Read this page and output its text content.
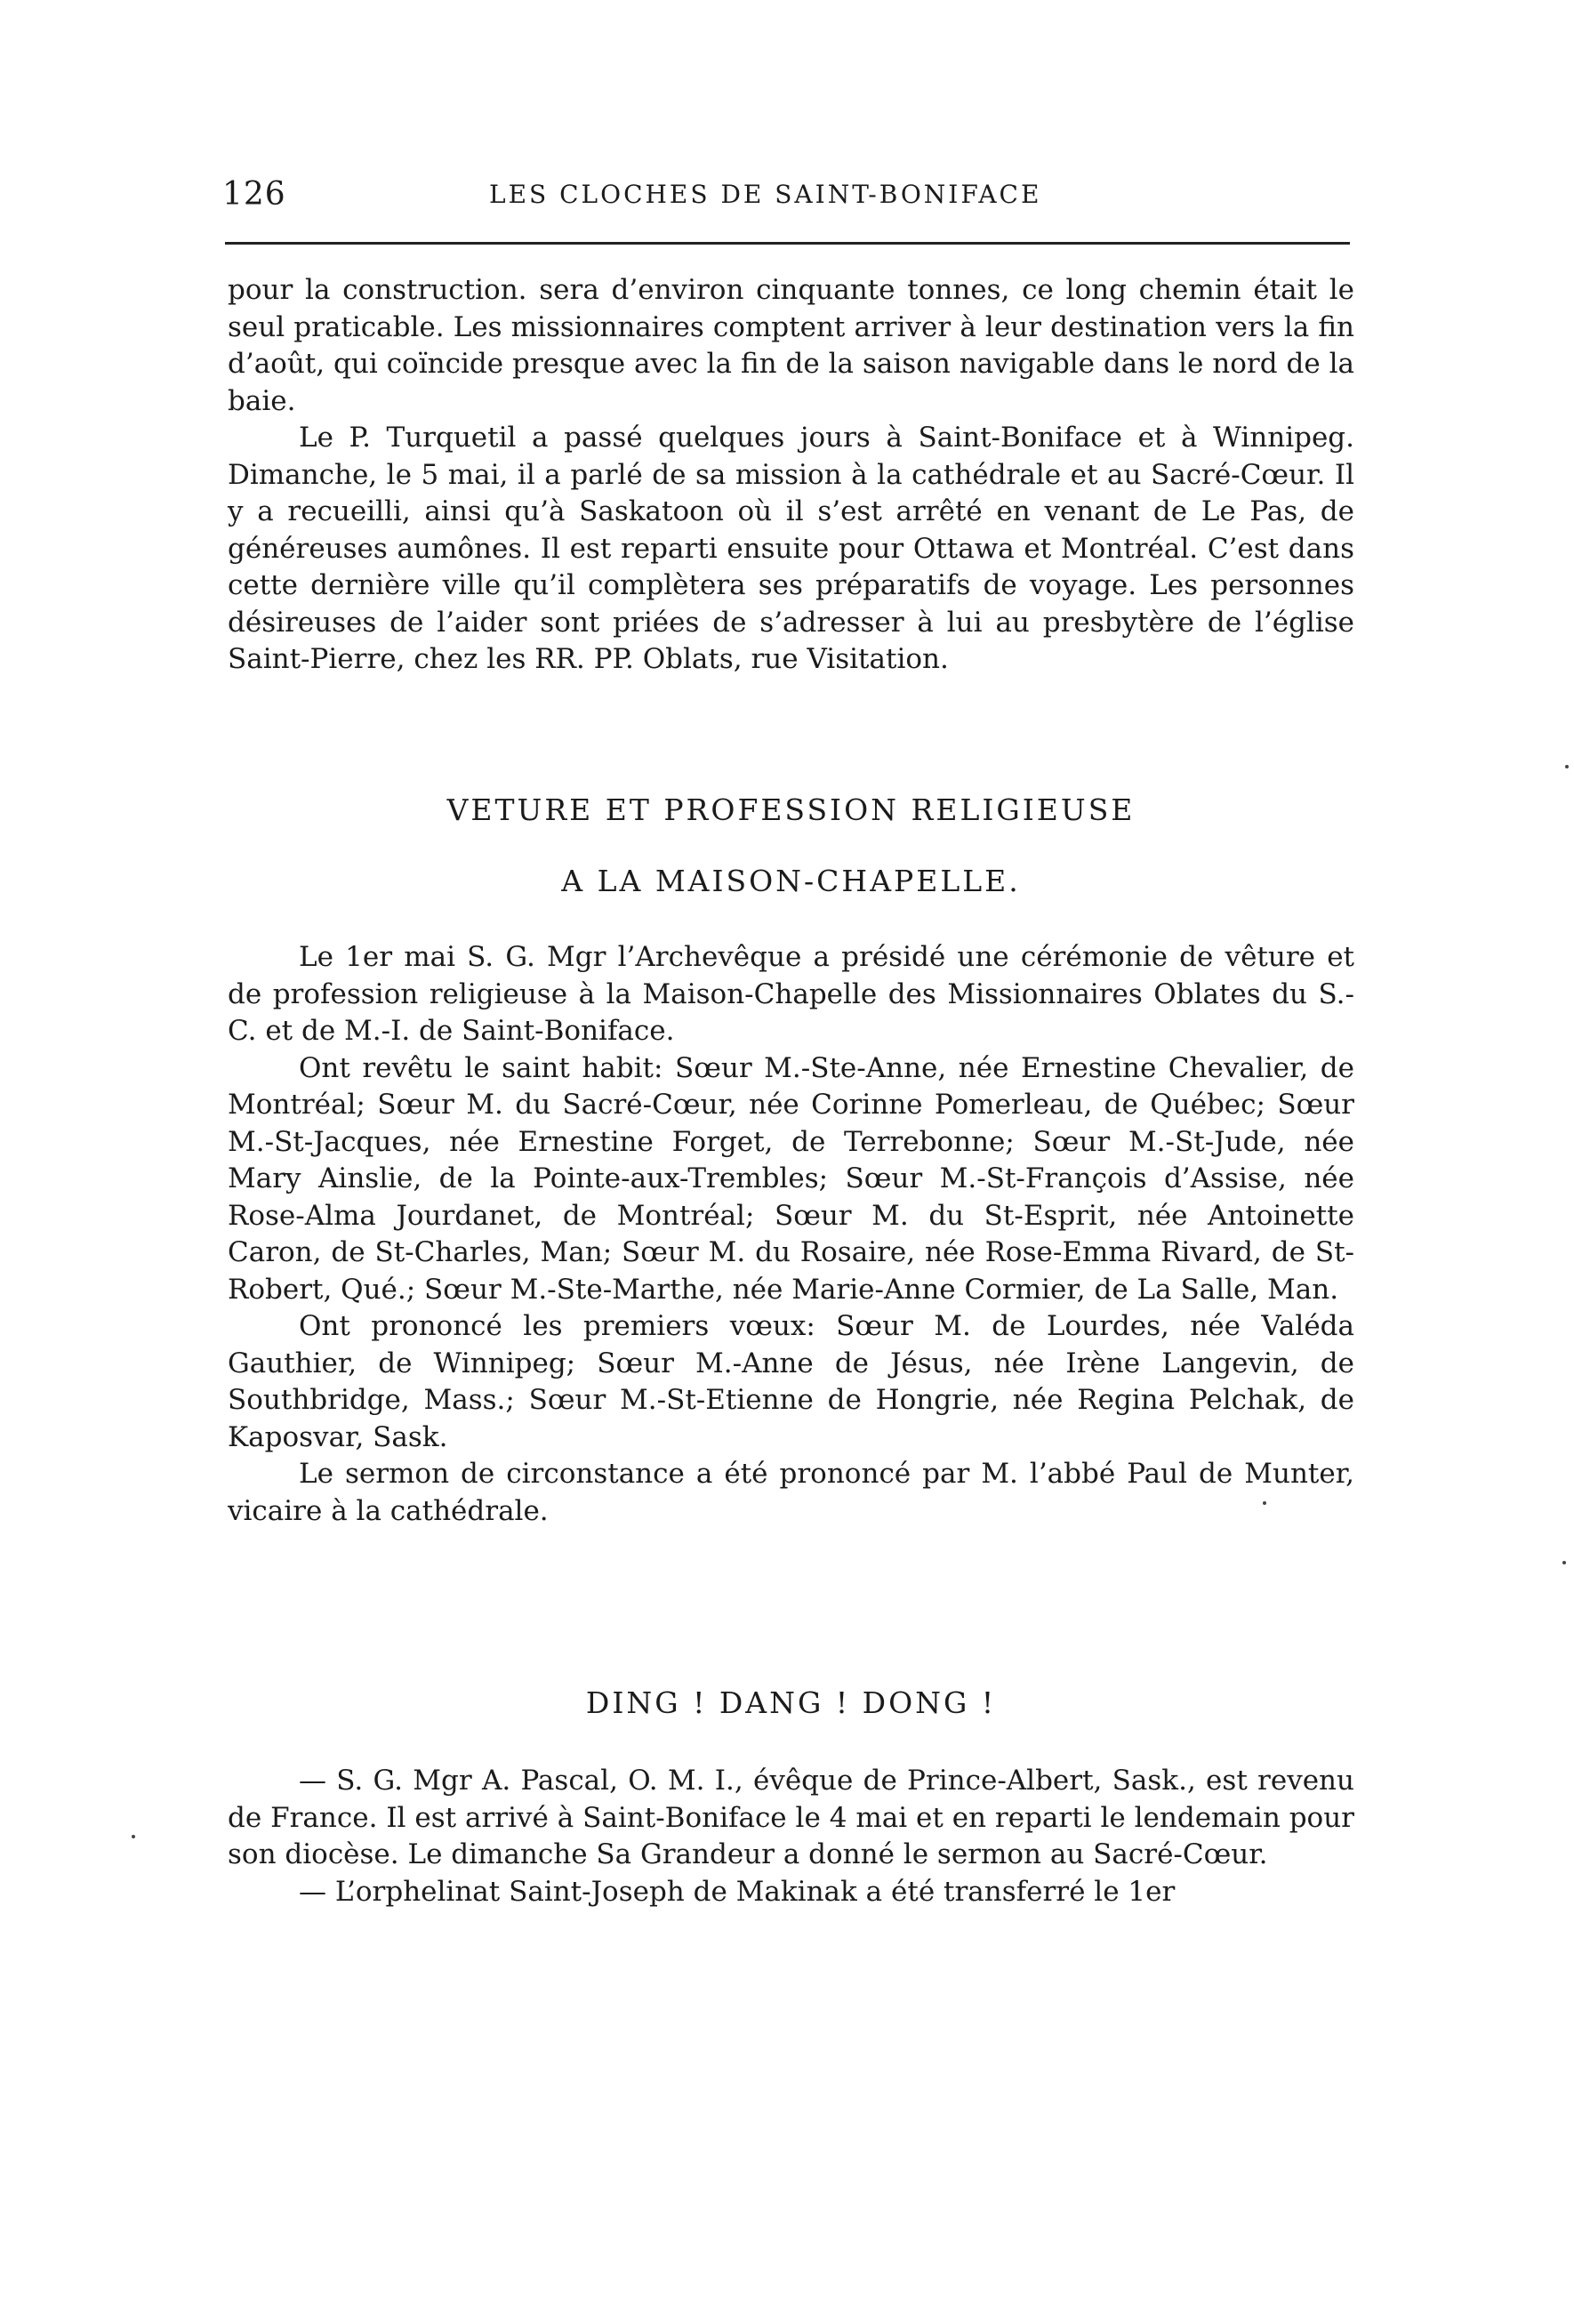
126	LES CLOCHES DE SAINT-BONIFACE

pour la construction. sera d’environ cinquante tonnes, ce long chemin était le seul praticable. Les missionnaires comptent arriver à leur destination vers la fin d’août, qui coïncide presque avec la fin de la saison navigable dans le nord de la baie.

Le P. Turquetil a passé quelques jours à Saint-Boniface et à Winnipeg. Dimanche, le 5 mai, il a parlé de sa mission à la cathédrale et au Sacré-Cœur. Il y a recueilli, ainsi qu’à Saskatoon où il s’est arrêté en venant de Le Pas, de généreuses aumônes. Il est reparti ensuite pour Ottawa et Montréal. C’est dans cette dernière ville qu’il complètera ses préparatifs de voyage. Les personnes désireuses de l’aider sont priées de s’adresser à lui au presbytère de l’église Saint-Pierre, chez les RR. PP. Oblats, rue Visitation.

VETURE ET PROFESSION RELIGIEUSE
A LA MAISON-CHAPELLE.

Le 1er mai S. G. Mgr l’Archevêque a présidé une cérémonie de vêture et de profession religieuse à la Maison-Chapelle des Missionnaires Oblates du S.-C. et de M.-I. de Saint-Boniface.

Ont revêtu le saint habit: Sœur M.-Ste-Anne, née Ernestine Chevalier, de Montréal; Sœur M. du Sacré-Cœur, née Corinne Pomerleau, de Québec; Sœur M.-St-Jacques, née Ernestine Forget, de Terrebonne; Sœur M.-St-Jude, née Mary Ainslie, de la Pointe-aux-Trembles; Sœur M.-St-François d’Assise, née Rose-Alma Jourdanet, de Montréal; Sœur M. du St-Esprit, née Antoinette Caron, de St-Charles, Man; Sœur M. du Rosaire, née Rose-Emma Rivard, de St-Robert, Qué.; Sœur M.-Ste-Marthe, née Marie-Anne Cormier, de La Salle, Man.

Ont prononcé les premiers vœux: Sœur M. de Lourdes, née Valéda Gauthier, de Winnipeg; Sœur M.-Anne de Jésus, née Irène Langevin, de Southbridge, Mass.; Sœur M.-St-Etienne de Hongrie, née Regina Pelchak, de Kaposvar, Sask.

Le sermon de circonstance a été prononcé par M. l’abbé Paul de Munter, vicaire à la cathédrale.

DING ! DANG ! DONG !

— S. G. Mgr A. Pascal, O. M. I., évêque de Prince-Albert, Sask., est revenu de France. Il est arrivé à Saint-Boniface le 4 mai et en reparti le lendemain pour son diocèse. Le dimanche Sa Grandeur a donné le sermon au Sacré-Cœur.

— L’orphelinat Saint-Joseph de Makinak a été transferré le 1er
